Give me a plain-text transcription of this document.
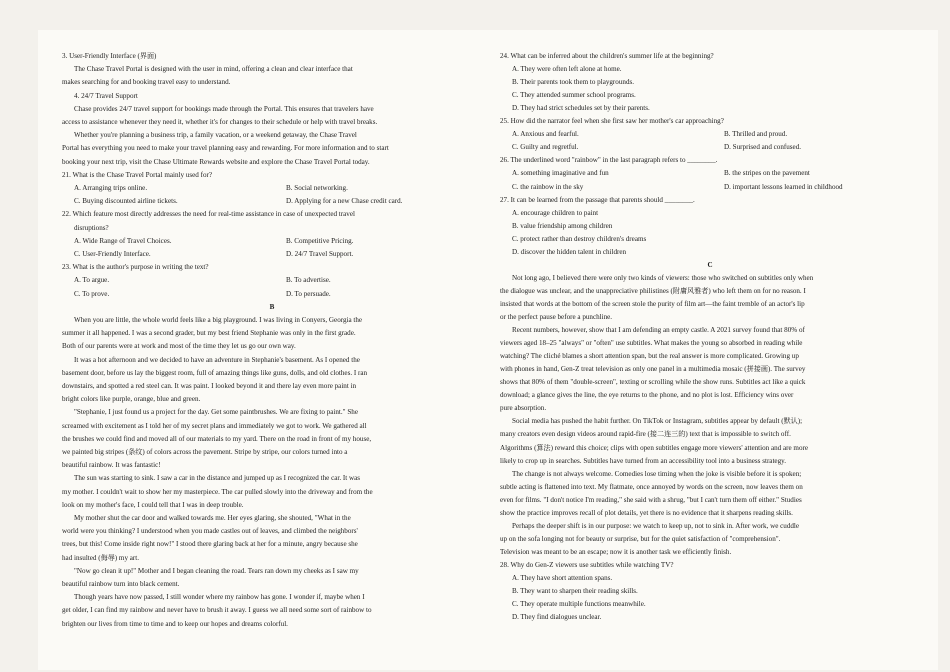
3. User-Friendly Interface (界面)
The Chase Travel Portal is designed with the user in mind, offering a clean and clear interface that
makes searching for and booking travel easy to understand.
4. 24/7 Travel Support
Chase provides 24/7 travel support for bookings made through the Portal. This ensures that travelers have
access to assistance whenever they need it, whether it's for changes to their schedule or help with travel breaks.
Whether you're planning a business trip, a family vacation, or a weekend getaway, the Chase Travel
Portal has everything you need to make your travel planning easy and rewarding. For more information and to start
booking your next trip, visit the Chase Ultimate Rewards website and explore the Chase Travel Portal today.
21. What is the Chase Travel Portal mainly used for?
A. Arranging trips online.	B. Social networking.
C. Buying discounted airline tickets.	D. Applying for a new Chase credit card.
22. Which feature most directly addresses the need for real-time assistance in case of unexpected travel
disruptions?
A. Wide Range of Travel Choices.	B. Competitive Pricing.
C. User-Friendly Interface.	D. 24/7 Travel Support.
23. What is the author's purpose in writing the text?
A. To argue.	B. To advertise.
C. To prove.	D. To persuade.
B
When you are little, the whole world feels like a big playground. I was living in Conyers, Georgia the
summer it all happened. I was a second grader, but my best friend Stephanie was only in the first grade.
Both of our parents were at work and most of the time they let us go our own way.
It was a hot afternoon and we decided to have an adventure in Stephanie's basement. As I opened the
basement door, before us lay the biggest room, full of amazing things like guns, dolls, and old clothes. I ran
downstairs, and spotted a red steel can. It was paint. I looked beyond it and there lay even more paint in
bright colors like purple, orange, blue and green.
"Stephanie, I just found us a project for the day. Get some paintbrushes. We are fixing to paint." She
screamed with excitement as I told her of my secret plans and immediately we got to work. We gathered all
the brushes we could find and moved all of our materials to my yard. There on the road in front of my house,
we painted big stripes (条纹) of colors across the pavement. Stripe by stripe, our colors turned into a
beautiful rainbow. It was fantastic!
The sun was starting to sink. I saw a car in the distance and jumped up as I recognized the car. It was
my mother. I couldn't wait to show her my masterpiece. The car pulled slowly into the driveway and from the
look on my mother's face, I could tell that I was in deep trouble.
My mother shut the car door and walked towards me. Her eyes glaring, she shouted, "What in the
world were you thinking? I understood when you made castles out of leaves, and climbed the neighbors'
trees, but this! Come inside right now!" I stood there glaring back at her for a minute, angry because she
had insulted (侮辱) my art.
"Now go clean it up!" Mother and I began cleaning the road. Tears ran down my cheeks as I saw my
beautiful rainbow turn into black cement.
Though years have now passed, I still wonder where my rainbow has gone. I wonder if, maybe when I
get older, I can find my rainbow and never have to brush it away. I guess we all need some sort of rainbow to
brighten our lives from time to time and to keep our hopes and dreams colorful.
24. What can be inferred about the children's summer life at the beginning?
A. They were often left alone at home.
B. Their parents took them to playgrounds.
C. They attended summer school programs.
D. They had strict schedules set by their parents.
25. How did the narrator feel when she first saw her mother's car approaching?
A. Anxious and fearful.	B. Thrilled and proud.
C. Guilty and regretful.	D. Surprised and confused.
26. The underlined word "rainbow" in the last paragraph refers to ________.
A. something imaginative and fun	B. the stripes on the pavement
C. the rainbow in the sky	D. important lessons learned in childhood
27. It can be learned from the passage that parents should ________.
A. encourage children to paint
B. value friendship among children
C. protect rather than destroy children's dreams
D. discover the hidden talent in children
C
Not long ago, I believed there were only two kinds of viewers: those who switched on subtitles only when
the dialogue was unclear, and the unappreciative philistines (附庸风雅者) who left them on for no reason. I
insisted that words at the bottom of the screen stole the purity of film art—the faint tremble of an actor's lip
or the perfect pause before a punchline.
Recent numbers, however, show that I am defending an empty castle. A 2021 survey found that 80% of
viewers aged 18–25 "always" or "often" use subtitles. What makes the young so absorbed in reading while
watching? The cliché blames a short attention span, but the real answer is more complicated. Growing up
with phones in hand, Gen-Z treat television as only one panel in a multimedia mosaic (拼接画). The survey
shows that 80% of them "double-screen", texting or scrolling while the show runs. Subtitles act like a quick
download; a glance gives the line, the eye returns to the phone, and no plot is lost. Efficiency wins over
pure absorption.
Social media has pushed the habit further. On TikTok or Instagram, subtitles appear by default (默认);
many creators even design videos around rapid-fire (接二连三的) text that is impossible to switch off.
Algorithms (算法) reward this choice; clips with open subtitles engage more viewers' attention and are more
likely to crop up in searches. Subtitles have turned from an accessibility tool into a business strategy.
The change is not always welcome. Comedies lose timing when the joke is visible before it is spoken;
subtle acting is flattened into text. My flatmate, once annoyed by words on the screen, now leaves them on
even for films. "I don't notice I'm reading," she said with a shrug, "but I can't turn them off either." Studies
show the practice improves recall of plot details, yet there is no evidence that it sharpens reading skills.
Perhaps the deeper shift is in our purpose: we watch to keep up, not to sink in. After work, we cuddle
up on the sofa longing not for beauty or surprise, but for the quiet satisfaction of "comprehension".
Television was meant to be an escape; now it is another task we efficiently finish.
28. Why do Gen-Z viewers use subtitles while watching TV?
A. They have short attention spans.
B. They want to sharpen their reading skills.
C. They operate multiple functions meanwhile.
D. They find dialogues unclear.
